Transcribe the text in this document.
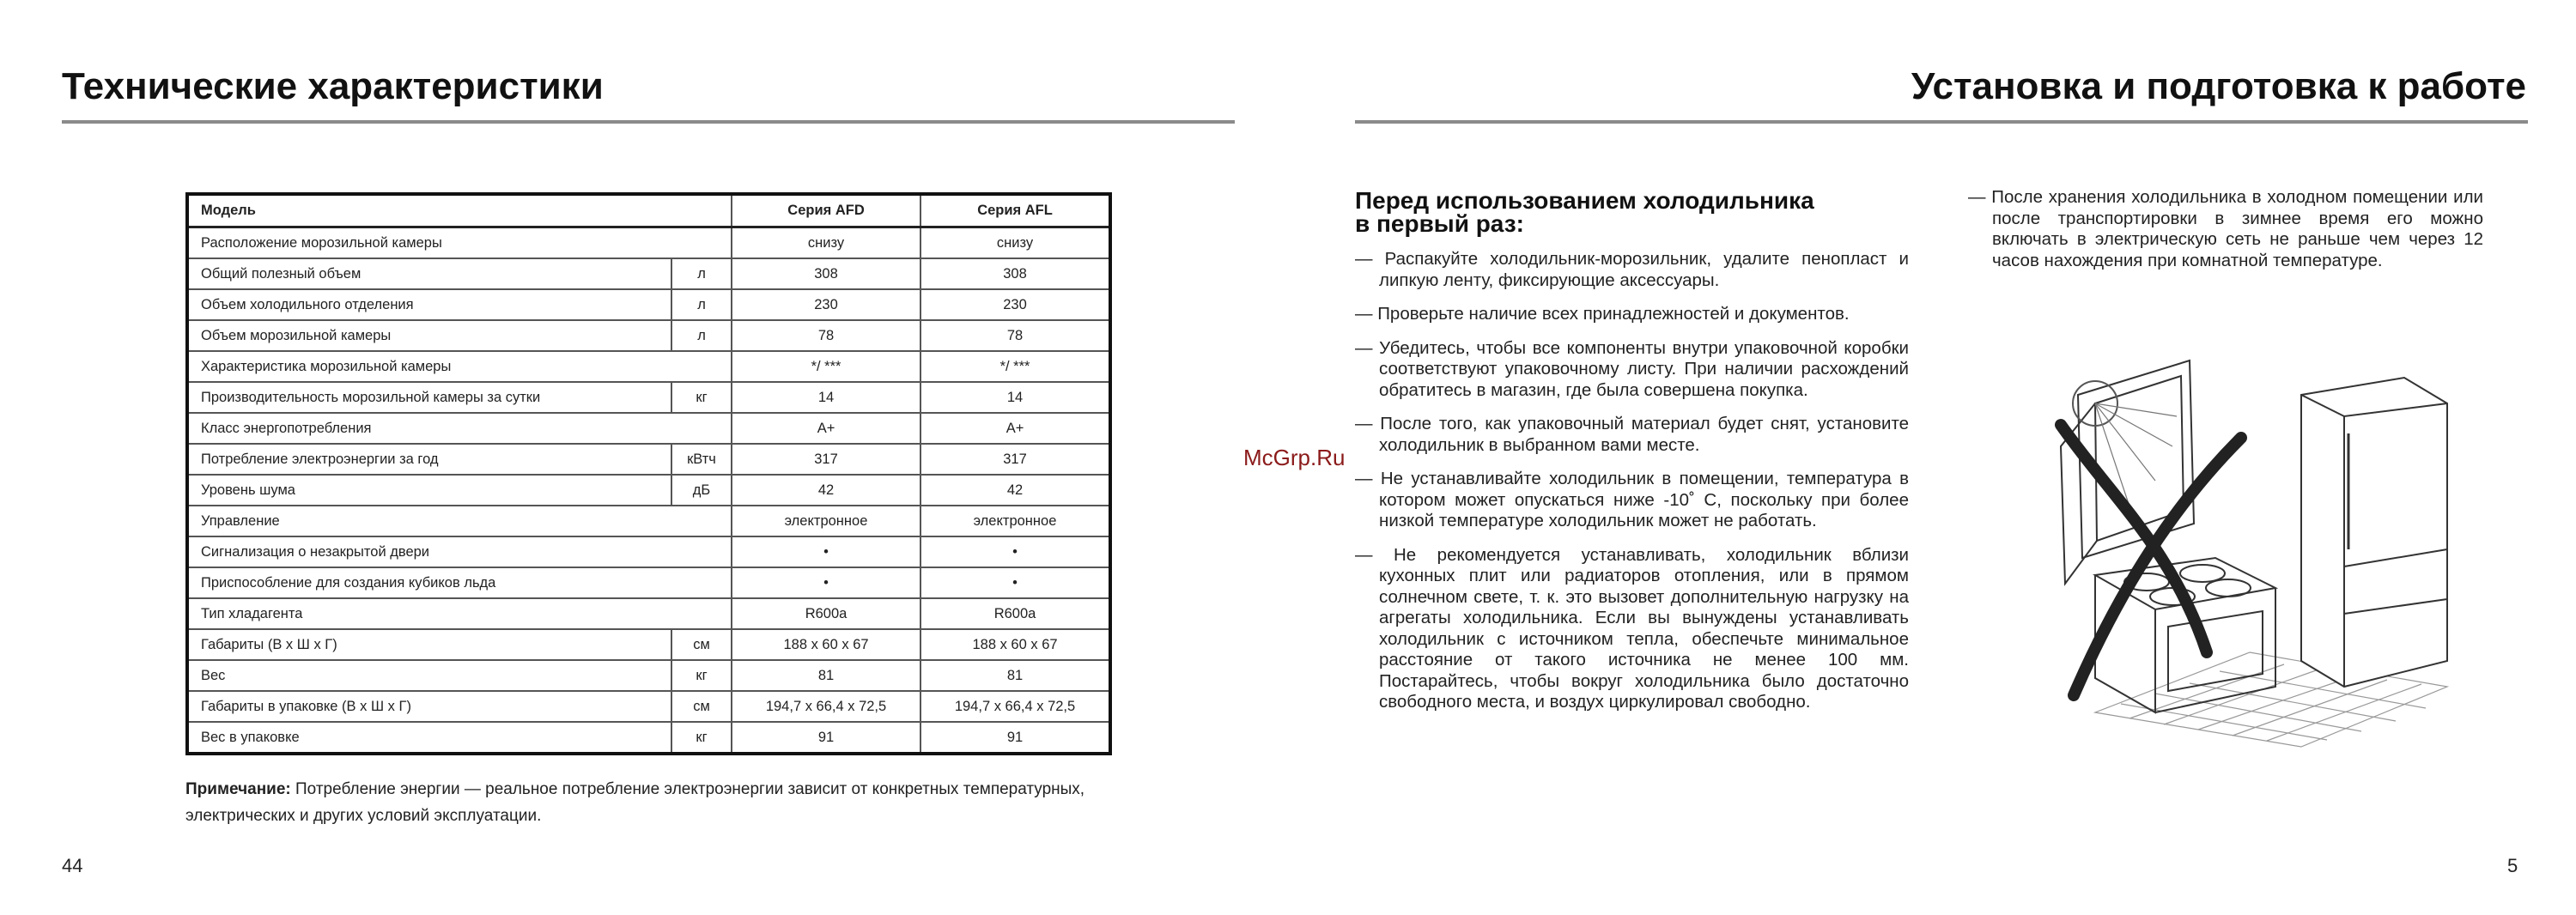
Технические характеристики
Модель		Серия AFD	Серия AFL
Расположение морозильной камеры		снизу	снизу
Общий полезный объем	л	308	308
Объем холодильного отделения	л	230	230
Объем морозильной камеры	л	78	78
Характеристика морозильной камеры		*/ ***	*/ ***
Производительность морозильной камеры за сутки	кг	14	14
Класс энергопотребления		A+	A+
Потребление электроэнергии за год	кВтч	317	317
Уровень шума	дБ	42	42
Управление		электронное	электронное
Сигнализация о незакрытой двери		•	•
Приспособление для создания кубиков льда		•	•
Тип хладагента		R600a	R600a
Габариты (В х Ш х Г)	см	188 х 60 х 67	188 х 60 х 67
Вес	кг	81	81
Габариты в упаковке (В х Ш х Г)	см	194,7 х 66,4 х 72,5	194,7 х 66,4 х 72,5
Вес в упаковке	кг	91	91
Примечание: Потребление энергии — реальное потребление электроэнергии зависит от конкретных температурных, электрических и других условий эксплуатации.
44
Установка и подготовка к работе
Перед использованием холодильника
в первый раз:

— Распакуйте холодильник-морозильник, удалите пенопласт и липкую ленту, фиксирующие аксессуары.

— Проверьте наличие всех принадлежностей и документов.

— Убедитесь, чтобы все компоненты внутри упаковочной коробки соответствуют упаковочному листу. При наличии расхождений обратитесь в магазин, где была совершена покупка.

— После того, как упаковочный материал будет снят, установите холодильник в выбранном вами месте.

— Не устанавливайте холодильник в помещении, температура в котором может опускаться ниже -10˚ С, поскольку при более низкой температуре холодильник может не работать.

— Не рекомендуется устанавливать, холодильник вблизи кухонных плит или радиаторов отопления, или в прямом солнечном свете, т. к. это вызовет дополнительную нагрузку на агрегаты холодильника. Если вы вынуждены устанавливать холодильник с источником тепла, обеспечьте минимальное расстояние от такого источника не менее 100 мм. Постарайтесь, чтобы вокруг холодильника было достаточно свободного места, и воздух циркулировал свободно.

— После хранения холодильника в холодном помещении или после транспортировки в зимнее время его можно включать в электрическую сеть не раньше чем через 12 часов нахождения при комнатной температуре.

McGrp.Ru
5
